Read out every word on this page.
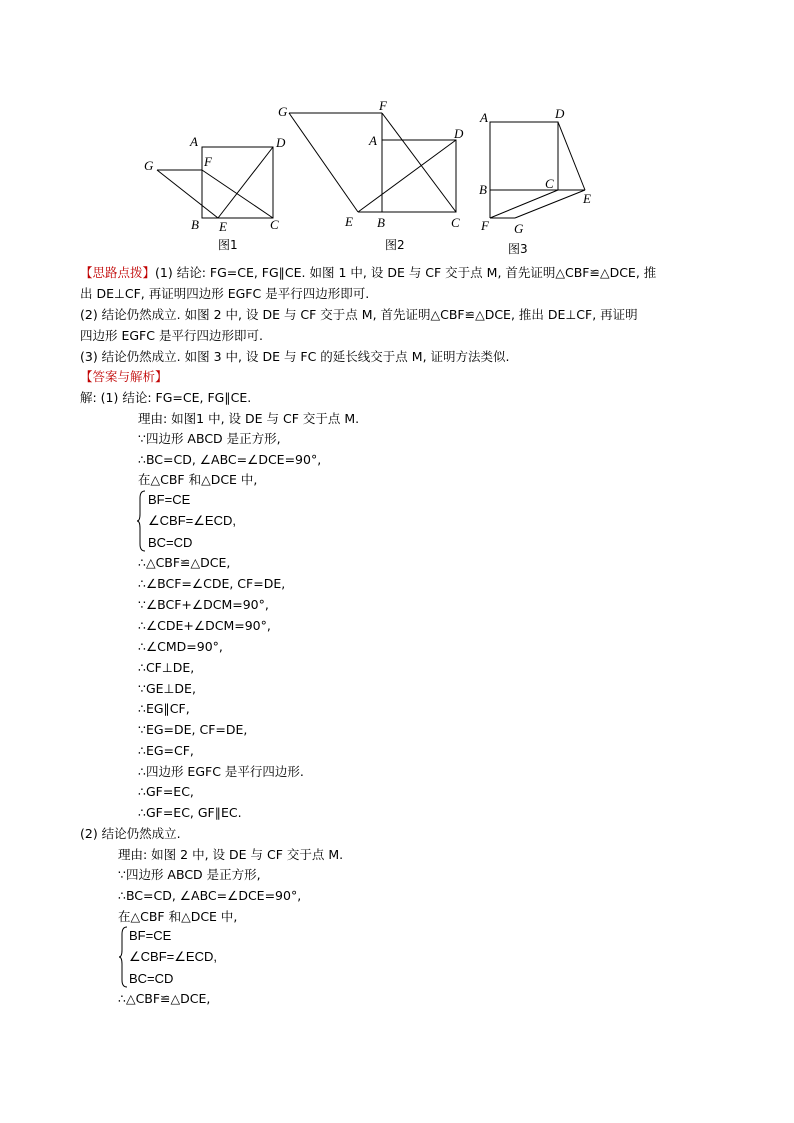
A	D
G	F
B E	C
图1
G	F
A	D
E B	C
图2
A	D
B	C
E
F G
图3
【思路点拨】(1) 结论: FG=CE, FG∥CE. 如图 1 中, 设 DE 与 CF 交于点 M, 首先证明△CBF≌△DCE, 推
出 DE⊥CF, 再证明四边形 EGFC 是平行四边形即可.
(2) 结论仍然成立. 如图 2 中, 设 DE 与 CF 交于点 M, 首先证明△CBF≌△DCE, 推出 DE⊥CF, 再证明
四边形 EGFC 是平行四边形即可.
(3) 结论仍然成立. 如图 3 中, 设 DE 与 FC 的延长线交于点 M, 证明方法类似.
【答案与解析】
解: (1) 结论: FG=CE, FG∥CE.
理由: 如图1 中, 设 DE 与 CF 交于点 M.
∵四边形 ABCD 是正方形,
∴BC=CD, ∠ABC=∠DCE=90°,
在△CBF 和△DCE 中,
BF=CE
∠CBF=∠ECD,
BC=CD
∴△CBF≌△DCE,
∴∠BCF=∠CDE, CF=DE,
∵∠BCF+∠DCM=90°,
∴∠CDE+∠DCM=90°,
∴∠CMD=90°,
∴CF⊥DE,
∵GE⊥DE,
∴EG∥CF,
∵EG=DE, CF=DE,
∴EG=CF,
∴四边形 EGFC 是平行四边形.
∴GF=EC,
∴GF=EC, GF∥EC.
(2) 结论仍然成立.
理由: 如图 2 中, 设 DE 与 CF 交于点 M.
∵四边形 ABCD 是正方形,
∴BC=CD, ∠ABC=∠DCE=90°,
在△CBF 和△DCE 中,
BF=CE
∠CBF=∠ECD,
BC=CD
∴△CBF≌△DCE,
